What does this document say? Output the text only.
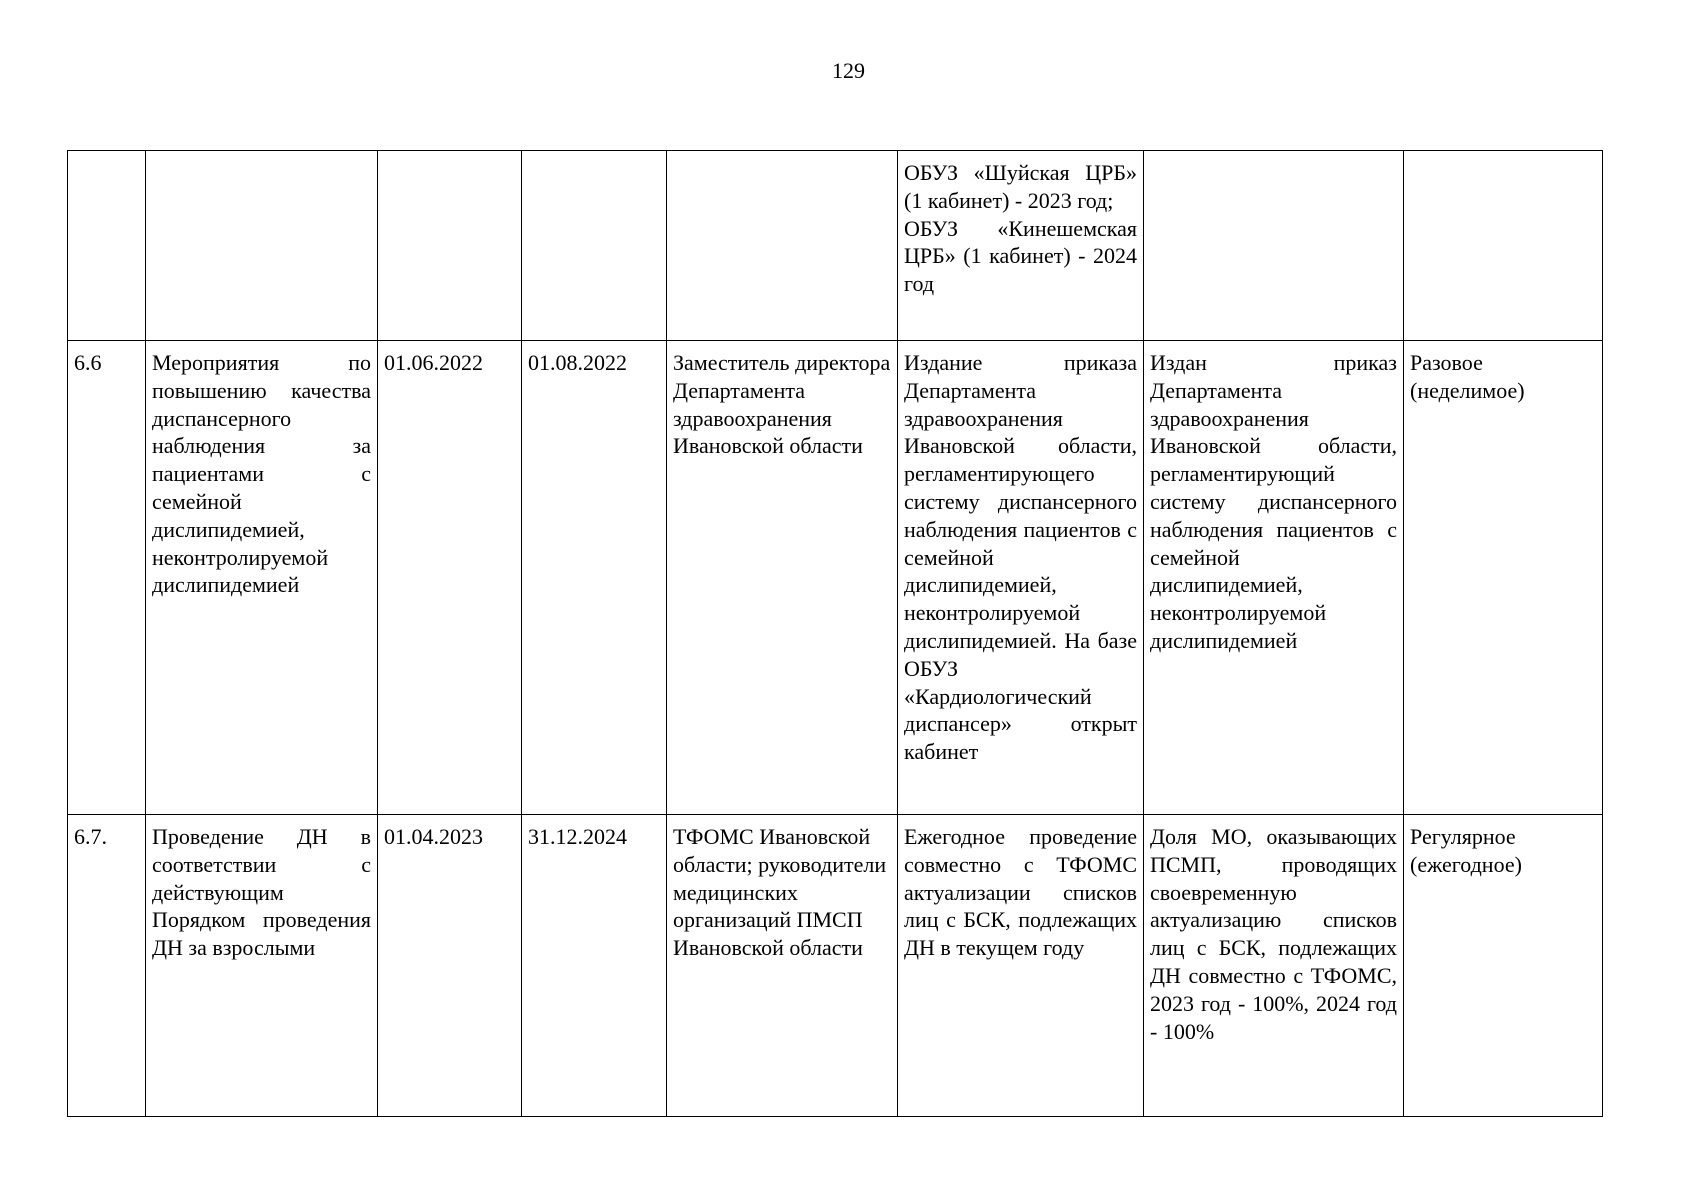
129

					ОБУЗ «Шуйская ЦРБ» (1 кабинет) - 2023 год;
ОБУЗ «Кинешемская ЦРБ» (1 кабинет) - 2024 год		

6.6	Мероприятия по повышению качества диспансерного наблюдения за пациентами с семейной дислипидемией, неконтролируемой дислипидемией	01.06.2022	01.08.2022	Заместитель директора Департамента здравоохранения Ивановской области	Издание приказа Департамента здравоохранения Ивановской области, регламентирующего систему диспансерного наблюдения пациентов с семейной дислипидемией, неконтролируемой дислипидемией. На базе ОБУЗ «Кардиологический диспансер» открыт кабинет	Издан приказ Департамента здравоохранения Ивановской области, регламентирующий систему диспансерного наблюдения пациентов с семейной дислипидемией, неконтролируемой дислипидемией	Разовое (неделимое)
6.7.	Проведение ДН в соответствии с действующим Порядком проведения ДН за взрослыми	01.04.2023	31.12.2024	ТФОМС Ивановской области; руководители медицинских организаций ПМСП Ивановской области	Ежегодное проведение совместно с ТФОМС актуализации списков лиц с БСК, подлежащих ДН в текущем году	Доля МО, оказывающих ПСМП, проводящих своевременную актуализацию списков лиц с БСК, подлежащих ДН совместно с ТФОМС, 2023 год - 100%, 2024 год - 100%	Регулярное (ежегодное)
